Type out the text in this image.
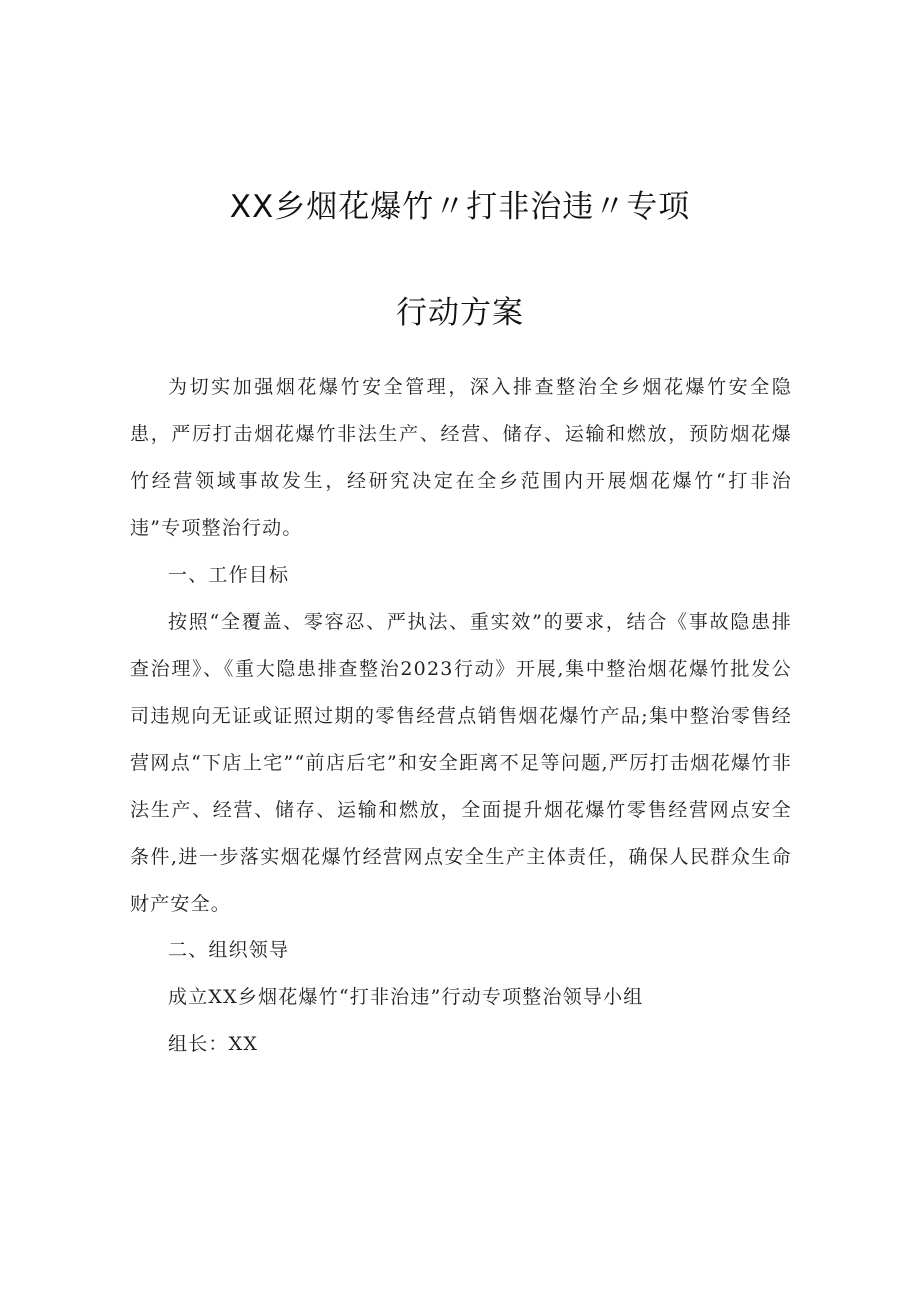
XX乡烟花爆竹〃打非治违〃专项
行动方案

为切实加强烟花爆竹安全管理，深入排查整治全乡烟花爆竹安全隐患，严厉打击烟花爆竹非法生产、经营、储存、运输和燃放，预防烟花爆竹经营领域事故发生，经研究决定在全乡范围内开展烟花爆竹“打非治违”专项整治行动。

一、工作目标

按照“全覆盖、零容忍、严执法、重实效”的要求，结合《事故隐患排查治理》、《重大隐患排查整治2023行动》开展,集中整治烟花爆竹批发公司违规向无证或证照过期的零售经营点销售烟花爆竹产品;集中整治零售经营网点“下店上宅”“前店后宅”和安全距离不足等问题,严厉打击烟花爆竹非法生产、经营、储存、运输和燃放，全面提升烟花爆竹零售经营网点安全条件,进一步落实烟花爆竹经营网点安全生产主体责任，确保人民群众生命财产安全。

二、组织领导

成立XX乡烟花爆竹“打非治违”行动专项整治领导小组

组长：XX
